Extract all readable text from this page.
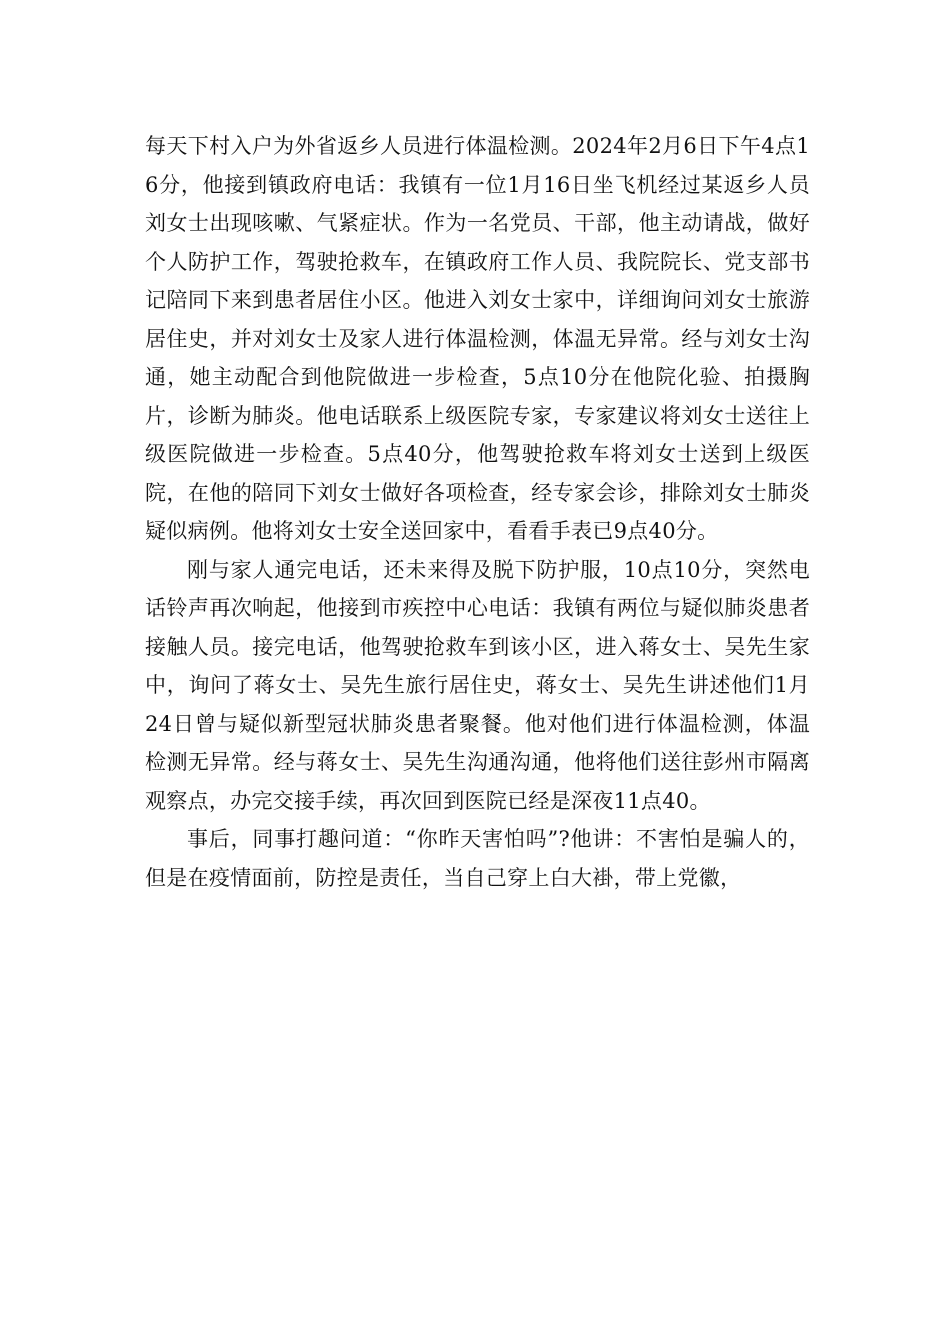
每天下村入户为外省返乡人员进行体温检测。2024年2月6日下午4点16分，他接到镇政府电话：我镇有一位1月16日坐飞机经过某返乡人员刘女士出现咳嗽、气紧症状。作为一名党员、干部，他主动请战，做好个人防护工作，驾驶抢救车，在镇政府工作人员、我院院长、党支部书记陪同下来到患者居住小区。他进入刘女士家中，详细询问刘女士旅游居住史，并对刘女士及家人进行体温检测，体温无异常。经与刘女士沟通，她主动配合到他院做进一步检查，5点10分在他院化验、拍摄胸片，诊断为肺炎。他电话联系上级医院专家，专家建议将刘女士送往上级医院做进一步检查。5点40分，他驾驶抢救车将刘女士送到上级医院，在他的陪同下刘女士做好各项检查，经专家会诊，排除刘女士肺炎疑似病例。他将刘女士安全送回家中，看看手表已9点40分。

刚与家人通完电话，还未来得及脱下防护服，10点10分，突然电话铃声再次响起，他接到市疾控中心电话：我镇有两位与疑似肺炎患者接触人员。接完电话，他驾驶抢救车到该小区，进入蒋女士、吴先生家中，询问了蒋女士、吴先生旅行居住史，蒋女士、吴先生讲述他们1月24日曾与疑似新型冠状肺炎患者聚餐。他对他们进行体温检测，体温检测无异常。经与蒋女士、吴先生沟通沟通，他将他们送往彭州市隔离观察点，办完交接手续，再次回到医院已经是深夜11点40。

事后，同事打趣问道：“你昨天害怕吗”?他讲：不害怕是骗人的，但是在疫情面前，防控是责任，当自己穿上白大褂，带上党徽，
